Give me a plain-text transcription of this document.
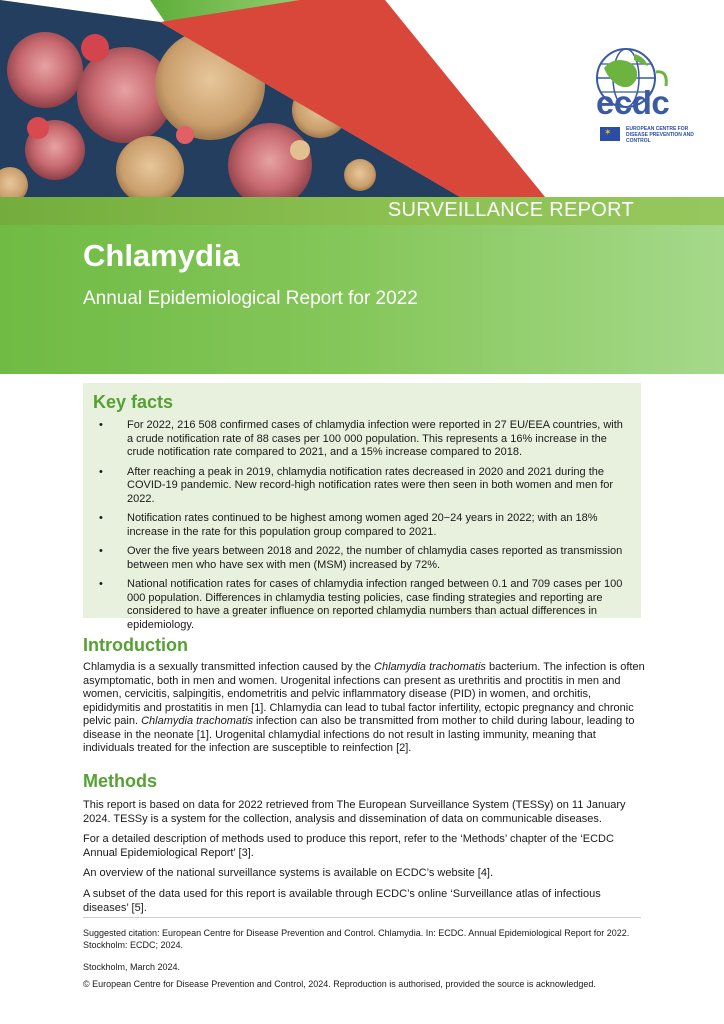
SURVEILLANCE REPORT
Chlamydia

Annual Epidemiological Report for 2022

ecdc
✶	EUROPEAN CENTRE FOR DISEASE PREVENTION AND CONTROL
Key facts
• For 2022, 216 508 confirmed cases of chlamydia infection were reported in 27 EU/EEA countries, with a crude notification rate of 88 cases per 100 000 population. This represents a 16% increase in the crude notification rate compared to 2021, and a 15% increase compared to 2018.
• After reaching a peak in 2019, chlamydia notification rates decreased in 2020 and 2021 during the COVID-19 pandemic. New record-high notification rates were then seen in both women and men for 2022.
• Notification rates continued to be highest among women aged 20−24 years in 2022; with an 18% increase in the rate for this population group compared to 2021.
• Over the five years between 2018 and 2022, the number of chlamydia cases reported as transmission between men who have sex with men (MSM) increased by 72%.
• National notification rates for cases of chlamydia infection ranged between 0.1 and 709 cases per 100 000 population. Differences in chlamydia testing policies, case finding strategies and reporting are considered to have a greater influence on reported chlamydia numbers than actual differences in epidemiology.
Introduction

Chlamydia is a sexually transmitted infection caused by the Chlamydia trachomatis bacterium. The infection is often asymptomatic, both in men and women. Urogenital infections can present as urethritis and proctitis in men and women, cervicitis, salpingitis, endometritis and pelvic inflammatory disease (PID) in women, and orchitis, epididymitis and prostatitis in men [1]. Chlamydia can lead to tubal factor infertility, ectopic pregnancy and chronic pelvic pain. Chlamydia trachomatis infection can also be transmitted from mother to child during labour, leading to disease in the neonate [1]. Urogenital chlamydial infections do not result in lasting immunity, meaning that individuals treated for the infection are susceptible to reinfection [2].

Methods

This report is based on data for 2022 retrieved from The European Surveillance System (TESSy) on 11 January 2024. TESSy is a system for the collection, analysis and dissemination of data on communicable diseases.

For a detailed description of methods used to produce this report, refer to the ‘Methods’ chapter of the ‘ECDC Annual Epidemiological Report’ [3].

An overview of the national surveillance systems is available on ECDC’s website [4].

A subset of the data used for this report is available through ECDC’s online ‘Surveillance atlas of infectious diseases’ [5].

Suggested citation: European Centre for Disease Prevention and Control. Chlamydia. In: ECDC. Annual Epidemiological Report for 2022. Stockholm: ECDC; 2024.

Stockholm, March 2024.

© European Centre for Disease Prevention and Control, 2024. Reproduction is authorised, provided the source is acknowledged.
